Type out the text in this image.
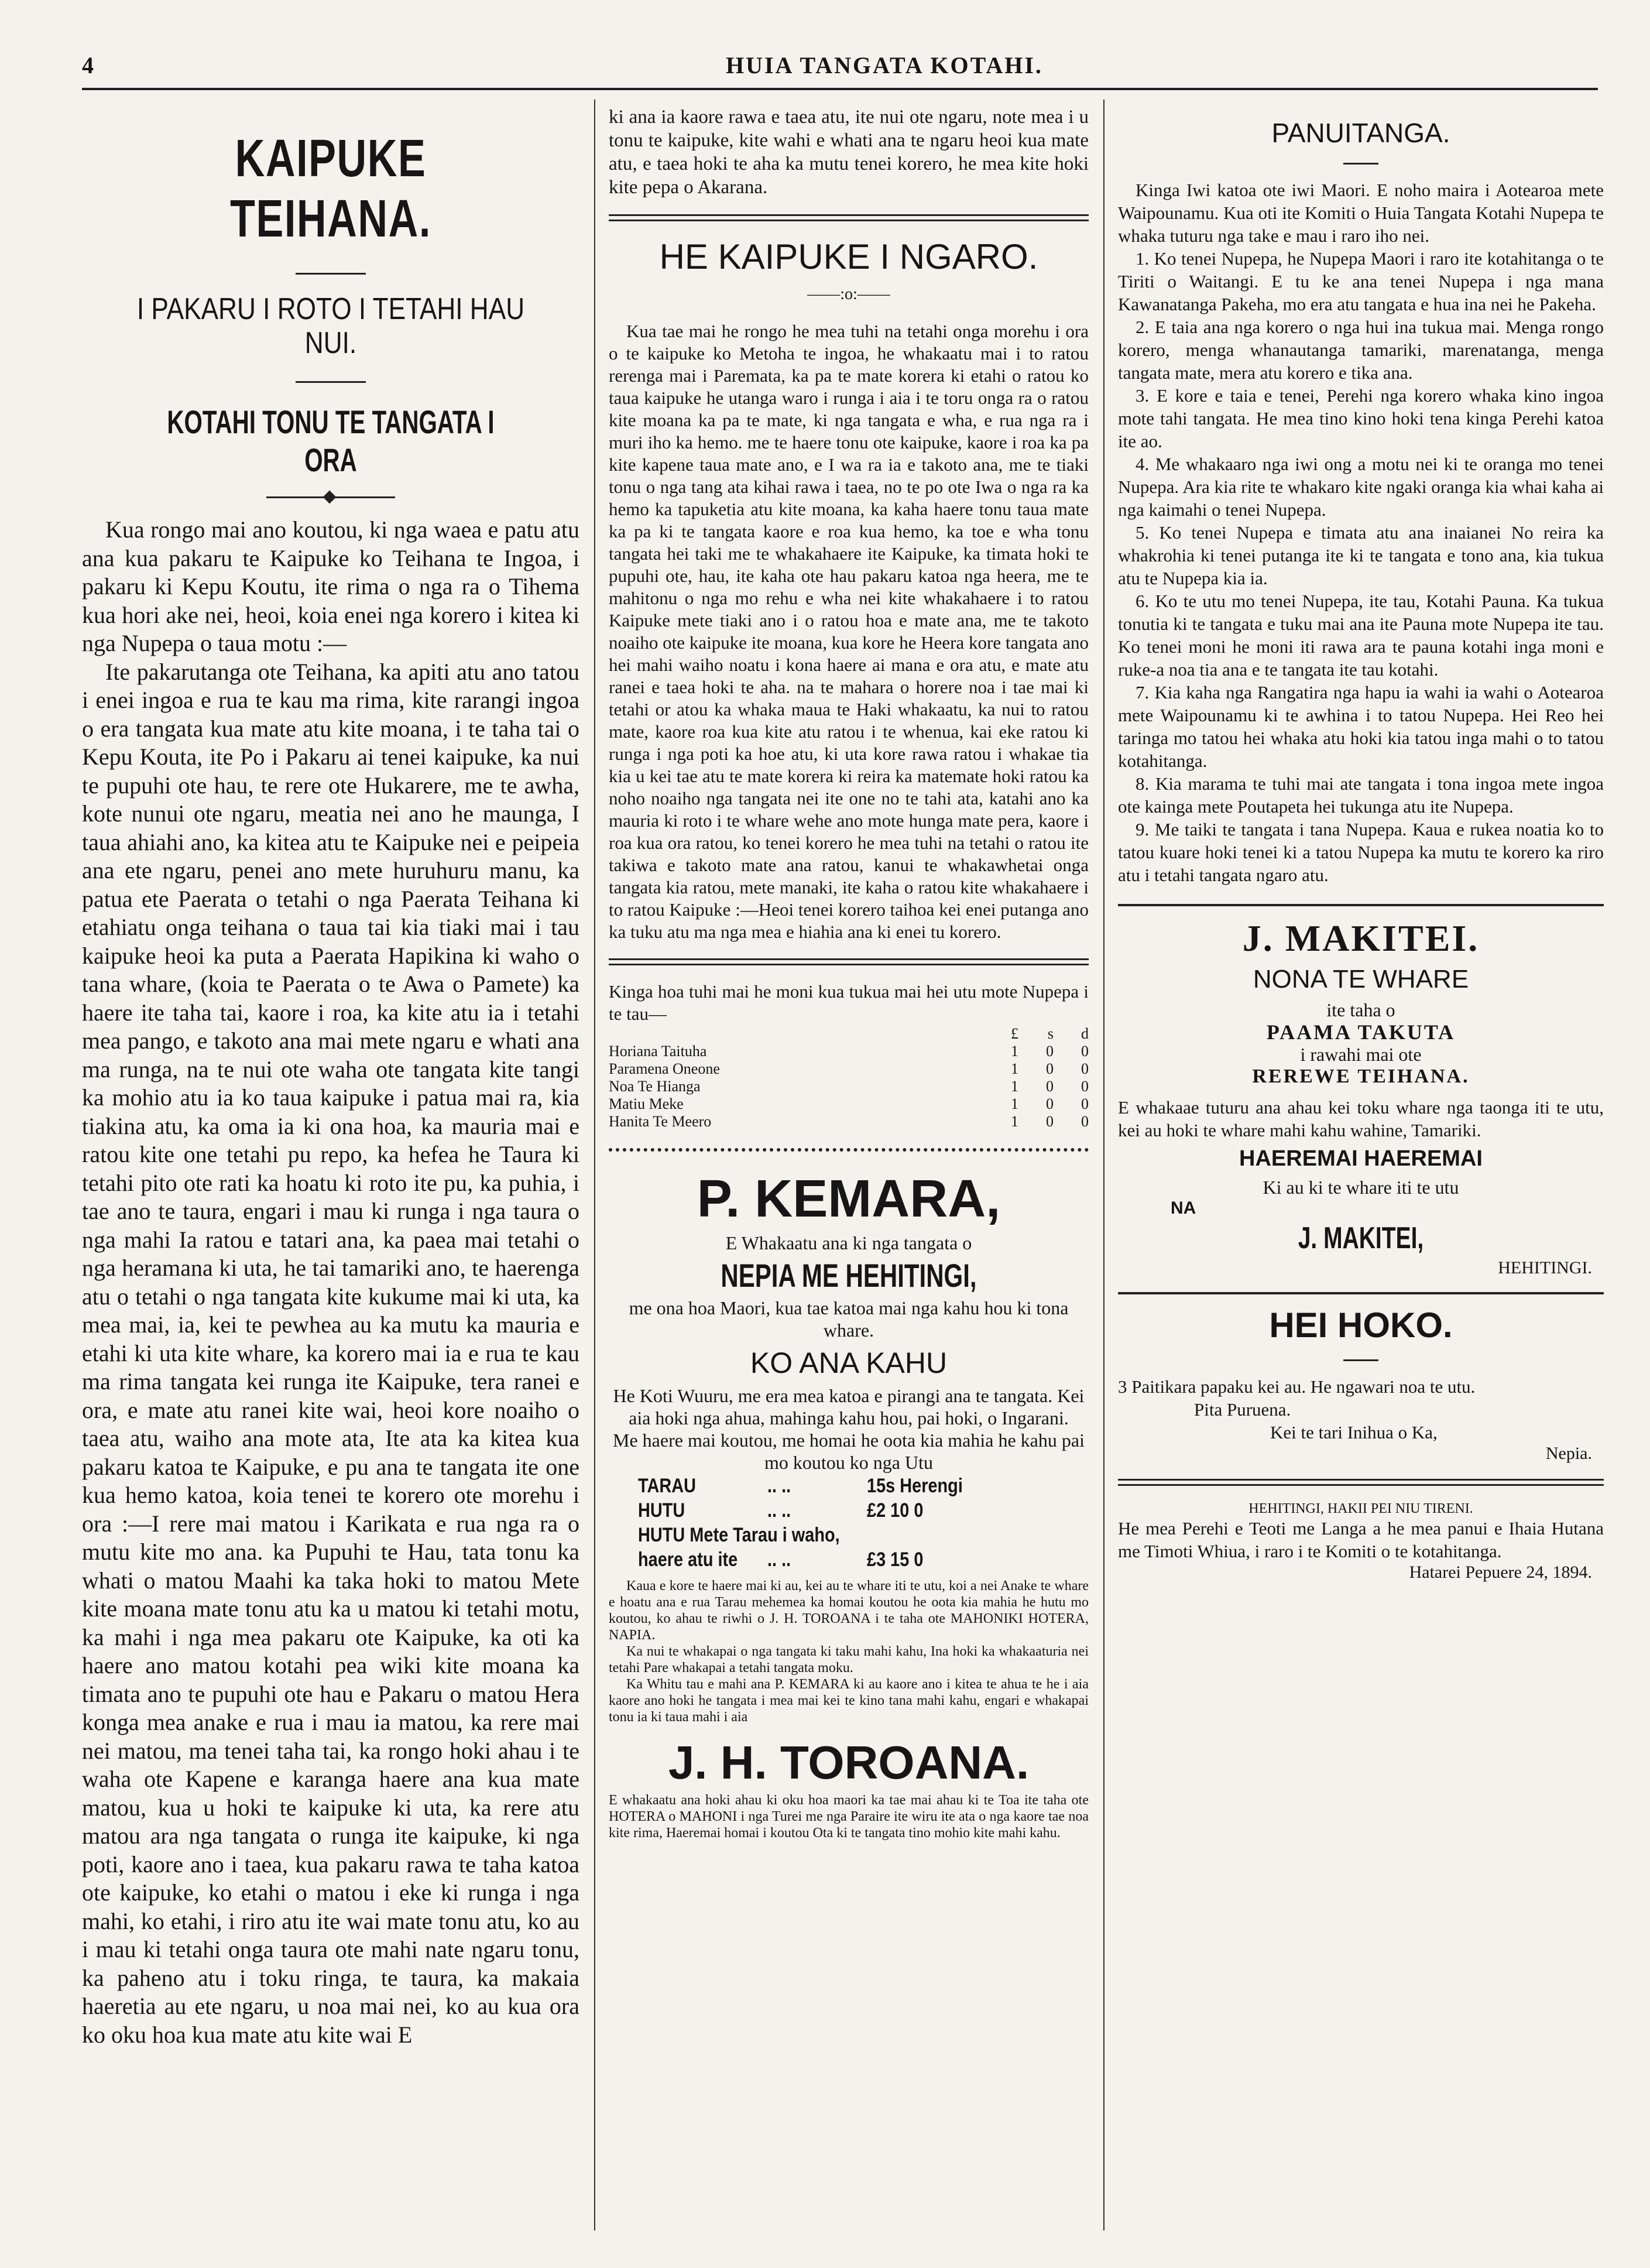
4	HUIA TANGATA KOTAHI.
KAIPUKE TEIHANA.
I PAKARU I ROTO I TETAHI HAU NUI.
KOTAHI TONU TE TANGATA I ORA

Kua rongo mai ano koutou, ki nga waea e patu atu ana kua pakaru te Kaipuke ko Teihana te Ingoa, i pakaru ki Kepu Koutu, ite rima o nga ra o Tihema kua hori ake nei, heoi, koia enei nga korero i kitea ki nga Nupepa o taua motu :—

Ite pakarutanga ote Teihana, ka apiti atu ano tatou i enei ingoa e rua te kau ma rima, kite rarangi ingoa o era tangata kua mate atu kite moana, i te taha tai o Kepu Kouta, ite Po i Pakaru ai tenei kaipuke, ka nui te pupuhi ote hau, te rere ote Hukarere, me te awha, kote nunui ote ngaru, meatia nei ano he maunga, I taua ahiahi ano, ka kitea atu te Kaipuke nei e peipeia ana ete ngaru, penei ano mete huruhuru manu, ka patua ete Paerata o tetahi o nga Paerata Teihana ki etahiatu onga teihana o taua tai kia tiaki mai i tau kaipuke heoi ka puta a Paerata Hapikina ki waho o tana whare, (koia te Paerata o te Awa o Pamete) ka haere ite taha tai, kaore i roa, ka kite atu ia i tetahi mea pango, e takoto ana mai mete ngaru e whati ana ma runga, na te nui ote waha ote tangata kite tangi ka mohio atu ia ko taua kaipuke i patua mai ra, kia tiakina atu, ka oma ia ki ona hoa, ka mauria mai e ratou kite one tetahi pu repo, ka hefea he Taura ki tetahi pito ote rati ka hoatu ki roto ite pu, ka puhia, i tae ano te taura, engari i mau ki runga i nga taura o nga mahi Ia ratou e tatari ana, ka paea mai tetahi o nga heramana ki uta, he tai tamariki ano, te haerenga atu o tetahi o nga tangata kite kukume mai ki uta, ka mea mai, ia, kei te pewhea au ka mutu ka mauria e etahi ki uta kite whare, ka korero mai ia e rua te kau ma rima tangata kei runga ite Kaipuke, tera ranei e ora, e mate atu ranei kite wai, heoi kore noaiho o taea atu, waiho ana mote ata, Ite ata ka kitea kua pakaru katoa te Kaipuke, e pu ana te tangata ite one kua hemo katoa, koia tenei te korero ote morehu i ora :—I rere mai matou i Karikata e rua nga ra o mutu kite mo ana. ka Pupuhi te Hau, tata tonu ka whati o matou Maahi ka taka hoki to matou Mete kite moana mate tonu atu ka u matou ki tetahi motu, ka mahi i nga mea pakaru ote Kaipuke, ka oti ka haere ano matou kotahi pea wiki kite moana ka timata ano te pupuhi ote hau e Pakaru o matou Hera konga mea anake e rua i mau ia matou, ka rere mai nei matou, ma tenei taha tai, ka rongo hoki ahau i te waha ote Kapene e karanga haere ana kua mate matou, kua u hoki te kaipuke ki uta, ka rere atu matou ara nga tangata o runga ite kaipuke, ki nga poti, kaore ano i taea, kua pakaru rawa te taha katoa ote kaipuke, ko etahi o matou i eke ki runga i nga mahi, ko etahi, i riro atu ite wai mate tonu atu, ko au i mau ki tetahi onga taura ote mahi nate ngaru tonu, ka paheno atu i toku ringa, te taura, ka makaia haeretia au ete ngaru, u noa mai nei, ko au kua ora ko oku hoa kua mate atu kite wai E

ki ana ia kaore rawa e taea atu, ite nui ote ngaru, note mea i u tonu te kaipuke, kite wahi e whati ana te ngaru heoi kua mate atu, e taea hoki te aha ka mutu tenei korero, he mea kite hoki kite pepa o Akarana.
HE KAIPUKE I NGARO.
——:o:——

Kua tae mai he rongo he mea tuhi na tetahi onga morehu i ora o te kaipuke ko Metoha te ingoa, he whakaatu mai i to ratou rerenga mai i Paremata, ka pa te mate korera ki etahi o ratou ko taua kaipuke he utanga waro i runga i aia i te toru onga ra o ratou kite moana ka pa te mate, ki nga tangata e wha, e rua nga ra i muri iho ka hemo. me te haere tonu ote kaipuke, kaore i roa ka pa kite kapene taua mate ano, e I wa ra ia e takoto ana, me te tiaki tonu o nga tang ata kihai rawa i taea, no te po ote Iwa o nga ra ka hemo ka tapuketia atu kite moana, ka kaha haere tonu taua mate ka pa ki te tangata kaore e roa kua hemo, ka toe e wha tonu tangata hei taki me te whakahaere ite Kaipuke, ka timata hoki te pupuhi ote, hau, ite kaha ote hau pakaru katoa nga heera, me te mahitonu o nga mo rehu e wha nei kite whakahaere i to ratou Kaipuke mete tiaki ano i o ratou hoa e mate ana, me te takoto noaiho ote kaipuke ite moana, kua kore he Heera kore tangata ano hei mahi waiho noatu i kona haere ai mana e ora atu, e mate atu ranei e taea hoki te aha. na te mahara o horere noa i tae mai ki tetahi or atou ka whaka maua te Haki whakaatu, ka nui to ratou mate, kaore roa kua kite atu ratou i te whenua, kai eke ratou ki runga i nga poti ka hoe atu, ki uta kore rawa ratou i whakae tia kia u kei tae atu te mate korera ki reira ka matemate hoki ratou ka noho noaiho nga tangata nei ite one no te tahi ata, katahi ano ka mauria ki roto i te whare wehe ano mote hunga mate pera, kaore i roa kua ora ratou, ko tenei korero he mea tuhi na tetahi o ratou ite takiwa e takoto mate ana ratou, kanui te whakawhetai onga tangata kia ratou, mete manaki, ite kaha o ratou kite whakahaere i to ratou Kaipuke :—Heoi tenei korero taihoa kei enei putanga ano ka tuku atu ma nga mea e hiahia ana ki enei tu korero.

Kinga hoa tuhi mai he moni kua tukua mai hei utu mote Nupepa i te tau—
	£	s	d
Horiana Taituha	1	0	0
Paramena Oneone	1	0	0
Noa Te Hianga	1	0	0
Matiu Meke	1	0	0
Hanita Te Meero	1	0	0
P. KEMARA,
E Whakaatu ana ki nga tangata o
NEPIA ME HEHITINGI,
me ona hoa Maori, kua tae katoa mai nga kahu hou ki tona whare.
KO ANA KAHU
He Koti Wuuru, me era mea katoa e pirangi ana te tangata. Kei aia hoki nga ahua, mahinga kahu hou, pai hoki, o Ingarani.
Me haere mai koutou, me homai he oota kia mahia he kahu pai mo koutou ko nga Utu
TARAU	.. ..	15s Herengi
HUTU	.. ..	£2 10 0
HUTU Mete Tarau i waho,
haere atu ite	.. ..	£3 15 0

Kaua e kore te haere mai ki au, kei au te whare iti te utu, koi a nei Anake te whare e hoatu ana e rua Tarau mehemea ka homai koutou he oota kia mahia he hutu mo koutou, ko ahau te riwhi o J. H. TOROANA i te taha ote MAHONIKI HOTERA, NAPIA.

Ka nui te whakapai o nga tangata ki taku mahi kahu, Ina hoki ka whakaaturia nei tetahi Pare whakapai a tetahi tangata moku.

Ka Whitu tau e mahi ana P. KEMARA ki au kaore ano i kitea te ahua te he i aia kaore ano hoki he tangata i mea mai kei te kino tana mahi kahu, engari e whakapai tonu ia ki taua mahi i aia

J. H. TOROANA.
E whakaatu ana hoki ahau ki oku hoa maori ka tae mai ahau ki te Toa ite taha ote HOTERA o MAHONI i nga Turei me nga Paraire ite wiru ite ata o nga kaore tae noa kite rima, Haeremai homai i koutou Ota ki te tangata tino mohio kite mahi kahu.
PANUITANGA.

Kinga Iwi katoa ote iwi Maori. E noho maira i Aotearoa mete Waipounamu. Kua oti ite Komiti o Huia Tangata Kotahi Nupepa te whaka tuturu nga take e mau i raro iho nei.

1. Ko tenei Nupepa, he Nupepa Maori i raro ite kotahitanga o te Tiriti o Waitangi. E tu ke ana tenei Nupepa i nga mana Kawanatanga Pakeha, mo era atu tangata e hua ina nei he Pakeha.

2. E taia ana nga korero o nga hui ina tukua mai. Menga rongo korero, menga whanautanga tamariki, marenatanga, menga tangata mate, mera atu korero e tika ana.

3. E kore e taia e tenei, Perehi nga korero whaka kino ingoa mote tahi tangata. He mea tino kino hoki tena kinga Perehi katoa ite ao.

4. Me whakaaro nga iwi ong a motu nei ki te oranga mo tenei Nupepa. Ara kia rite te whakaro kite ngaki oranga kia whai kaha ai nga kaimahi o tenei Nupepa.

5. Ko tenei Nupepa e timata atu ana inaianei No reira ka whakrohia ki tenei putanga ite ki te tangata e tono ana, kia tukua atu te Nupepa kia ia.

6. Ko te utu mo tenei Nupepa, ite tau, Kotahi Pauna. Ka tukua tonutia ki te tangata e tuku mai ana ite Pauna mote Nupepa ite tau. Ko tenei moni he moni iti rawa ara te pauna kotahi inga moni e ruke-a noa tia ana e te tangata ite tau kotahi.

7. Kia kaha nga Rangatira nga hapu ia wahi ia wahi o Aotearoa mete Waipounamu ki te awhina i to tatou Nupepa. Hei Reo hei taringa mo tatou hei whaka atu hoki kia tatou inga mahi o to tatou kotahitanga.

8. Kia marama te tuhi mai ate tangata i tona ingoa mete ingoa ote kainga mete Poutapeta hei tukunga atu ite Nupepa.

9. Me taiki te tangata i tana Nupepa. Kaua e rukea noatia ko to tatou kuare hoki tenei ki a tatou Nupepa ka mutu te korero ka riro atu i tetahi tangata ngaro atu.

J. MAKITEI.
NONA TE WHARE
ite taha o
PAAMA TAKUTA
i rawahi mai ote
REREWE TEIHANA.
E whakaae tuturu ana ahau kei toku whare nga taonga iti te utu, kei au hoki te whare mahi kahu wahine, Tamariki.
HAEREMAI HAEREMAI
Ki au ki te whare iti te utu
NA
J. MAKITEI,
HEHITINGI.
HEI HOKO.
3 Paitikara papaku kei au. He ngawari noa te utu.
Pita Puruena.
Kei te tari Inihua o Ka,
Nepia.
HEHITINGI, HAKII PEI NIU TIRENI.
He mea Perehi e Teoti me Langa a he mea panui e Ihaia Hutana me Timoti Whiua, i raro i te Komiti o te kotahitanga.
Hatarei Pepuere 24, 1894.
